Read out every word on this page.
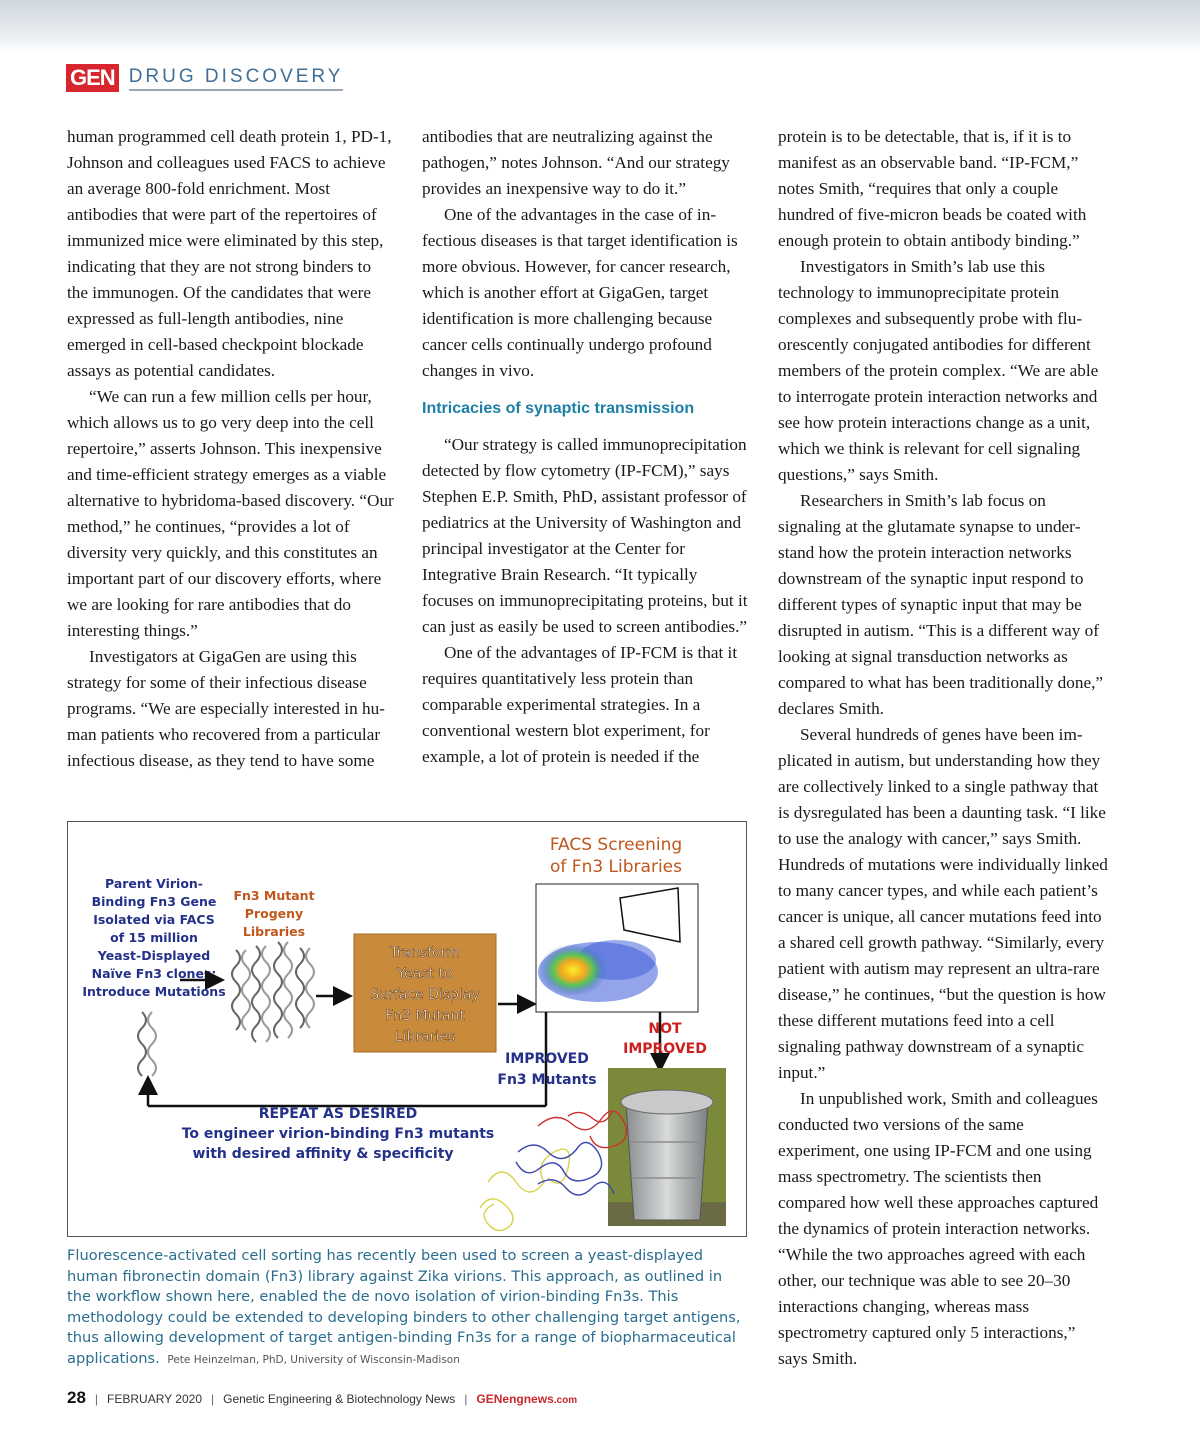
GEN DRUG DISCOVERY

human programmed cell death protein 1, PD-1, Johnson and colleagues used FACS to achieve an average 800-fold enrichment. Most antibodies that were part of the repertoires of immunized mice were eliminated by this step, indicating that they are not strong binders to the immunogen. Of the candidates that were expressed as full-length antibodies, nine emerged in cell-based checkpoint blockade assays as potential candidates.

“We can run a few million cells per hour, which allows us to go very deep into the cell repertoire,” asserts Johnson. This inexpensive and time-efficient strategy emerges as a viable alternative to hybridoma-based discovery. “Our method,” he continues, “provides a lot of diversity very quickly, and this constitutes an important part of our discovery efforts, where we are looking for rare antibodies that do interesting things.”

Investigators at GigaGen are using this strategy for some of their infectious disease programs. “We are especially interested in human patients who recovered from a particular infectious disease, as they tend to have some

antibodies that are neutralizing against the pathogen,” notes Johnson. “And our strategy provides an inexpensive way to do it.”

One of the advantages in the case of infectious diseases is that target identification is more obvious. However, for cancer research, which is another effort at GigaGen, target identification is more challenging because cancer cells continually undergo profound changes in vivo.

Intricacies of synaptic transmission

“Our strategy is called immunoprecipitation detected by flow cytometry (IP-FCM),” says Stephen E.P. Smith, PhD, assistant professor of pediatrics at the University of Washington and principal investigator at the Center for Integrative Brain Research. “It typically focuses on immunoprecipitating proteins, but it can just as easily be used to screen antibodies.”

One of the advantages of IP-FCM is that it requires quantitatively less protein than comparable experimental strategies. In a conventional western blot experiment, for example, a lot of protein is needed if the

protein is to be detectable, that is, if it is to manifest as an observable band. “IP-FCM,” notes Smith, “requires that only a couple hundred of five-micron beads be coated with enough protein to obtain antibody binding.”

Investigators in Smith’s lab use this technology to immunoprecipitate protein complexes and subsequently probe with fluorescently conjugated antibodies for different members of the protein complex. “We are able to interrogate protein interaction networks and see how protein interactions change as a unit, which we think is relevant for cell signaling questions,” says Smith.

Researchers in Smith’s lab focus on signaling at the glutamate synapse to understand how the protein interaction networks downstream of the synaptic input respond to different types of synaptic input that may be disrupted in autism. “This is a different way of looking at signal transduction networks as compared to what has been traditionally done,” declares Smith.

Several hundreds of genes have been implicated in autism, but understanding how they are collectively linked to a single pathway that is dysregulated has been a daunting task. “I like to use the analogy with cancer,” says Smith. Hundreds of mutations were individually linked to many cancer types, and while each patient’s cancer is unique, all cancer mutations feed into a shared cell growth pathway. “Similarly, every patient with autism may represent an ultra-rare disease,” he continues, “but the question is how these different mutations feed into a cell signaling pathway downstream of a synaptic input.”

In unpublished work, Smith and colleagues conducted two versions of the same experiment, one using IP-FCM and one using mass spectrometry. The scientists then compared how well these approaches captured the dynamics of protein interaction networks. “While the two approaches agreed with each other, our technique was able to see 20–30 interactions changing, whereas mass spectrometry captured only 5 interactions,” says Smith.

FACS Screening
of Fn3 Libraries
Parent Virion-
Binding Fn3 Gene
Isolated via FACS
of 15 million
Yeast-Displayed
Naïve Fn3 clones:
Introduce Mutations
Fn3 Mutant
Progeny
Libraries
Transform
Yeast to
Surface Display
Fn3 Mutant
Libraries	NOT
IMPROVED
IMPROVED
Fn3 Mutants
REPEAT AS DESIRED
To engineer virion-binding Fn3 mutants
with desired affinity & specificity
Fluorescence-activated cell sorting has recently been used to screen a yeast-displayed human fibronectin domain (Fn3) library against Zika virions. This approach, as outlined in the workflow shown here, enabled the de novo isolation of virion-binding Fn3s. This methodology could be extended to developing binders to other challenging target antigens, thus allowing development of target antigen-binding Fn3s for a range of biopharmaceutical applications. Pete Heinzelman, PhD, University of Wisconsin-Madison
28 | FEBRUARY 2020 | Genetic Engineering & Biotechnology News | GENengnews.com
